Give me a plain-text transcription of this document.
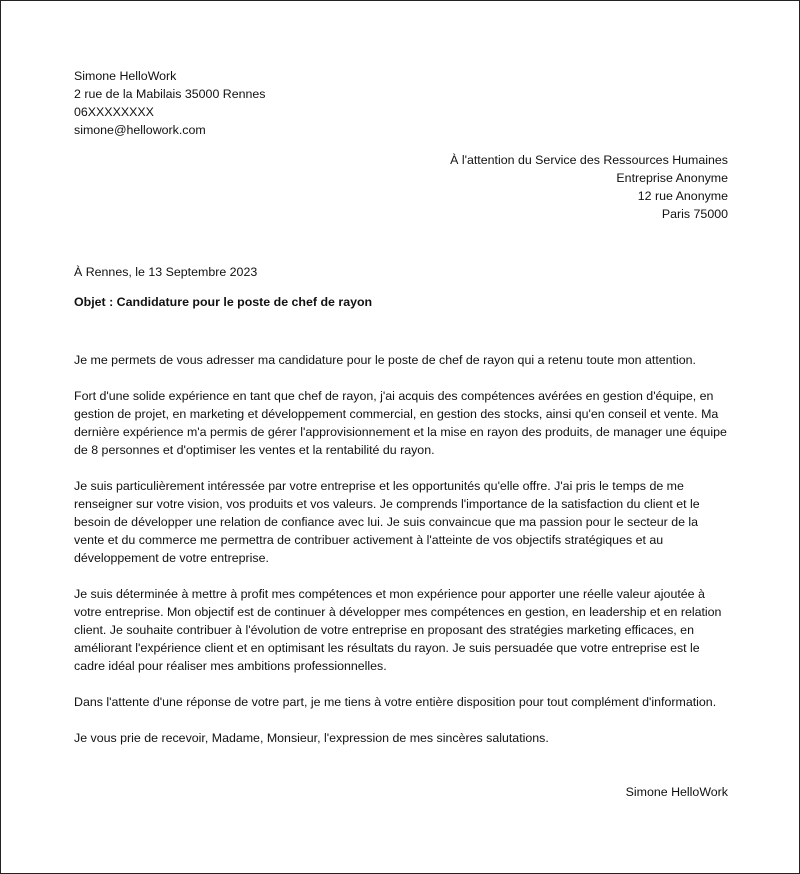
Simone HelloWork

2 rue de la Mabilais 35000 Rennes

06XXXXXXXX

simone@hellowork.com

À l'attention du Service des Ressources Humaines

Entreprise Anonyme

12 rue Anonyme

Paris 75000

À Rennes, le 13 Septembre 2023

Objet : Candidature pour le poste de chef de rayon

Je me permets de vous adresser ma candidature pour le poste de chef de rayon qui a retenu toute mon attention.

Fort d'une solide expérience en tant que chef de rayon, j'ai acquis des compétences avérées en gestion d'équipe, en gestion de projet, en marketing et développement commercial, en gestion des stocks, ainsi qu'en conseil et vente. Ma dernière expérience m'a permis de gérer l'approvisionnement et la mise en rayon des produits, de manager une équipe de 8 personnes et d'optimiser les ventes et la rentabilité du rayon.

Je suis particulièrement intéressée par votre entreprise et les opportunités qu'elle offre. J'ai pris le temps de me renseigner sur votre vision, vos produits et vos valeurs. Je comprends l'importance de la satisfaction du client et le besoin de développer une relation de confiance avec lui. Je suis convaincue que ma passion pour le secteur de la vente et du commerce me permettra de contribuer activement à l'atteinte de vos objectifs stratégiques et au développement de votre entreprise.

Je suis déterminée à mettre à profit mes compétences et mon expérience pour apporter une réelle valeur ajoutée à votre entreprise. Mon objectif est de continuer à développer mes compétences en gestion, en leadership et en relation client. Je souhaite contribuer à l'évolution de votre entreprise en proposant des stratégies marketing efficaces, en améliorant l'expérience client et en optimisant les résultats du rayon. Je suis persuadée que votre entreprise est le cadre idéal pour réaliser mes ambitions professionnelles.

Dans l'attente d'une réponse de votre part, je me tiens à votre entière disposition pour tout complément d'information.

Je vous prie de recevoir, Madame, Monsieur, l'expression de mes sincères salutations.

Simone HelloWork
